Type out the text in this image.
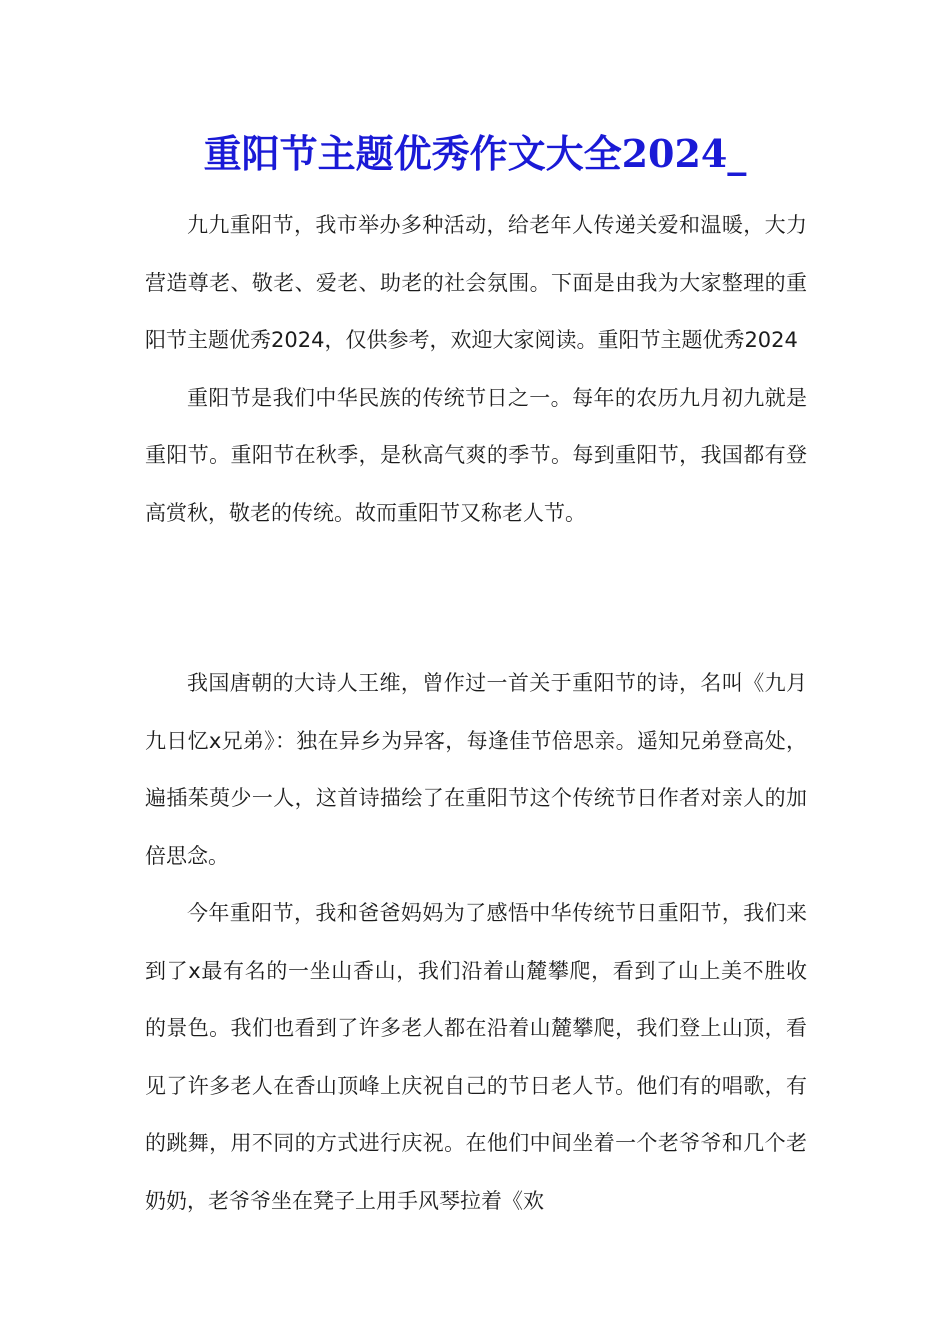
重阳节主题优秀作文大全2024_

九九重阳节，我市举办多种活动，给老年人传递关爱和温暖，大力营造尊老、敬老、爱老、助老的社会氛围。下面是由我为大家整理的重阳节主题优秀2024，仅供参考，欢迎大家阅读。重阳节主题优秀2024

重阳节是我们中华民族的传统节日之一。每年的农历九月初九就是重阳节。重阳节在秋季，是秋高气爽的季节。每到重阳节，我国都有登高赏秋，敬老的传统。故而重阳节又称老人节。

我国唐朝的大诗人王维，曾作过一首关于重阳节的诗，名叫《九月九日忆x兄弟》：独在异乡为异客，每逢佳节倍思亲。遥知兄弟登高处，遍插茱萸少一人，这首诗描绘了在重阳节这个传统节日作者对亲人的加倍思念。

今年重阳节，我和爸爸妈妈为了感悟中华传统节日重阳节，我们来到了x最有名的一坐山香山，我们沿着山麓攀爬，看到了山上美不胜收的景色。我们也看到了许多老人都在沿着山麓攀爬，我们登上山顶，看见了许多老人在香山顶峰上庆祝自己的节日老人节。他们有的唱歌，有的跳舞，用不同的方式进行庆祝。在他们中间坐着一个老爷爷和几个老奶奶，老爷爷坐在凳子上用手风琴拉着《欢
